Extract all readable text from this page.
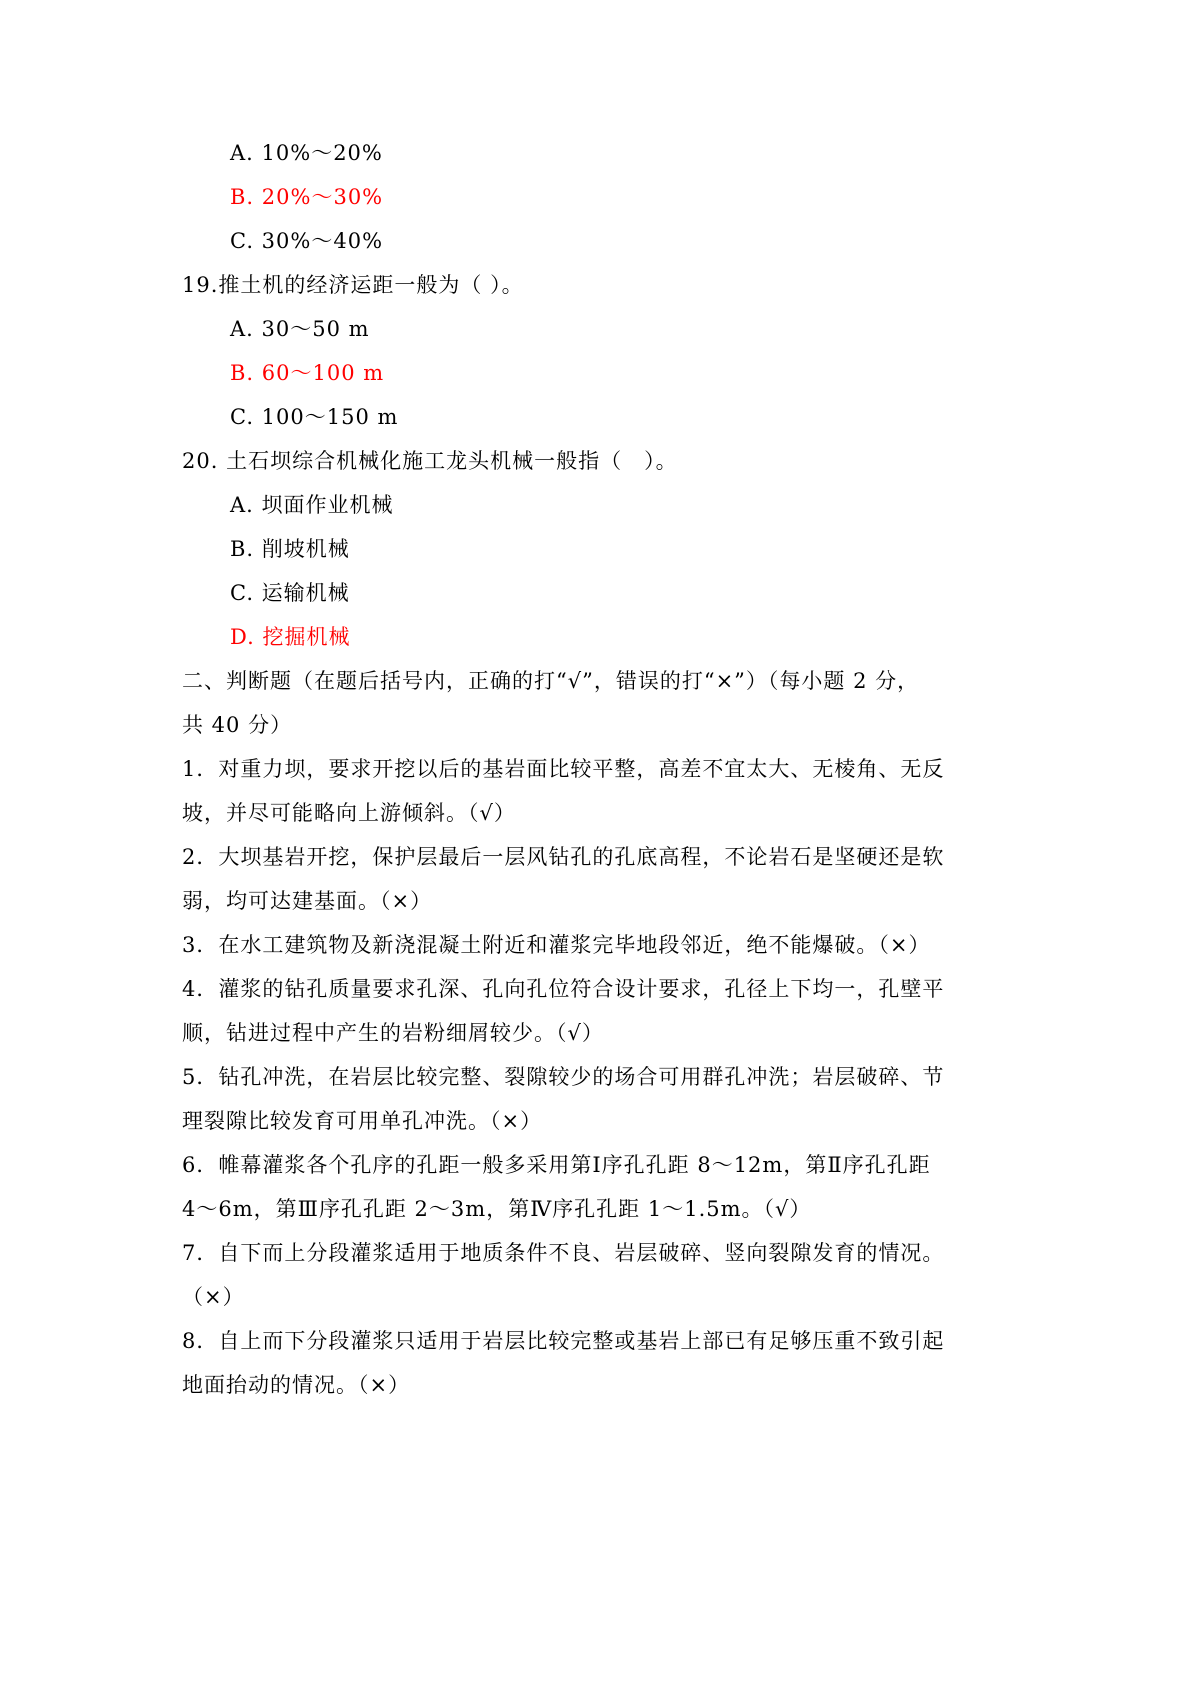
A. 10%～20%
B. 20%～30%
C. 30%～40%
19.推土机的经济运距一般为（ ）。
A. 30～50 m
B. 60～100 m
C. 100～150 m
20. 土石坝综合机械化施工龙头机械一般指（　）。
A. 坝面作业机械
B. 削坡机械
C. 运输机械
D. 挖掘机械
二、判断题（在题后括号内，正确的打“√”，错误的打“×”）（每小题 2 分，
共 40 分）
1．对重力坝，要求开挖以后的基岩面比较平整，高差不宜太大、无棱角、无反
坡，并尽可能略向上游倾斜。（√）
2．大坝基岩开挖，保护层最后一层风钻孔的孔底高程，不论岩石是坚硬还是软
弱，均可达建基面。（×）
3．在水工建筑物及新浇混凝土附近和灌浆完毕地段邻近，绝不能爆破。（×）
4．灌浆的钻孔质量要求孔深、孔向孔位符合设计要求，孔径上下均一，孔壁平
顺，钻进过程中产生的岩粉细屑较少。（√）
5．钻孔冲洗，在岩层比较完整、裂隙较少的场合可用群孔冲洗；岩层破碎、节
理裂隙比较发育可用单孔冲洗。（×）
6．帷幕灌浆各个孔序的孔距一般多采用第Ⅰ序孔孔距 8～12m，第Ⅱ序孔孔距
4～6m，第Ⅲ序孔孔距 2～3m，第Ⅳ序孔孔距 1～1.5m。（√）
7．自下而上分段灌浆适用于地质条件不良、岩层破碎、竖向裂隙发育的情况。
（×）
8．自上而下分段灌浆只适用于岩层比较完整或基岩上部已有足够压重不致引起
地面抬动的情况。（×）
